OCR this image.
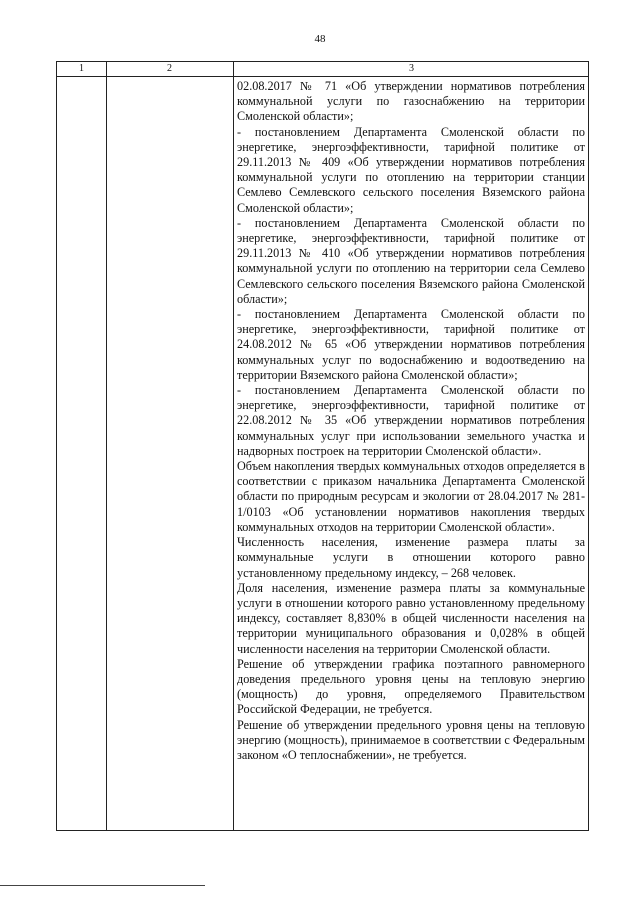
48
1	2	3

02.08.2017 № 71 «Об утверждении нормативов потребления коммунальной услуги по газоснабжению на территории Смоленской области»;

- постановлением Департамента Смоленской области по энергетике, энергоэффективности, тарифной политике от 29.11.2013 № 409 «Об утверждении нормативов потребления коммунальной услуги по отоплению на территории станции Семлево Семлевского сельского поселения Вяземского района Смоленской области»;

- постановлением Департамента Смоленской области по энергетике, энергоэффективности, тарифной политике от 29.11.2013 № 410 «Об утверждении нормативов потребления коммунальной услуги по отоплению на территории села Семлево Семлевского сельского поселения Вяземского района Смоленской области»;

- постановлением Департамента Смоленской области по энергетике, энергоэффективности, тарифной политике от 24.08.2012 № 65 «Об утверждении нормативов потребления коммунальных услуг по водоснабжению и водоотведению на территории Вяземского района Смоленской области»;

- постановлением Департамента Смоленской области по энергетике, энергоэффективности, тарифной политике от 22.08.2012 № 35 «Об утверждении нормативов потребления коммунальных услуг при использовании земельного участка и надворных построек на территории Смоленской области».

Объем накопления твердых коммунальных отходов определяется в соответствии с приказом начальника Департамента Смоленской области по природным ресурсам и экологии от 28.04.2017 № 281-1/0103 «Об установлении нормативов накопления твердых коммунальных отходов на территории Смоленской области».

Численность населения, изменение размера платы за коммунальные услуги в отношении которого равно установленному предельному индексу, – 268 человек.

Доля населения, изменение размера платы за коммунальные услуги в отношении которого равно установленному предельному индексу, составляет 8,830% в общей численности населения на территории муниципального образования и 0,028% в общей численности населения на территории Смоленской области.

Решение об утверждении графика поэтапного равномерного доведения предельного уровня цены на тепловую энергию (мощность) до уровня, определяемого Правительством Российской Федерации, не требуется.

Решение об утверждении предельного уровня цены на тепловую энергию (мощность), принимаемое в соответствии с Федеральным законом «О теплоснабжении», не требуется.
